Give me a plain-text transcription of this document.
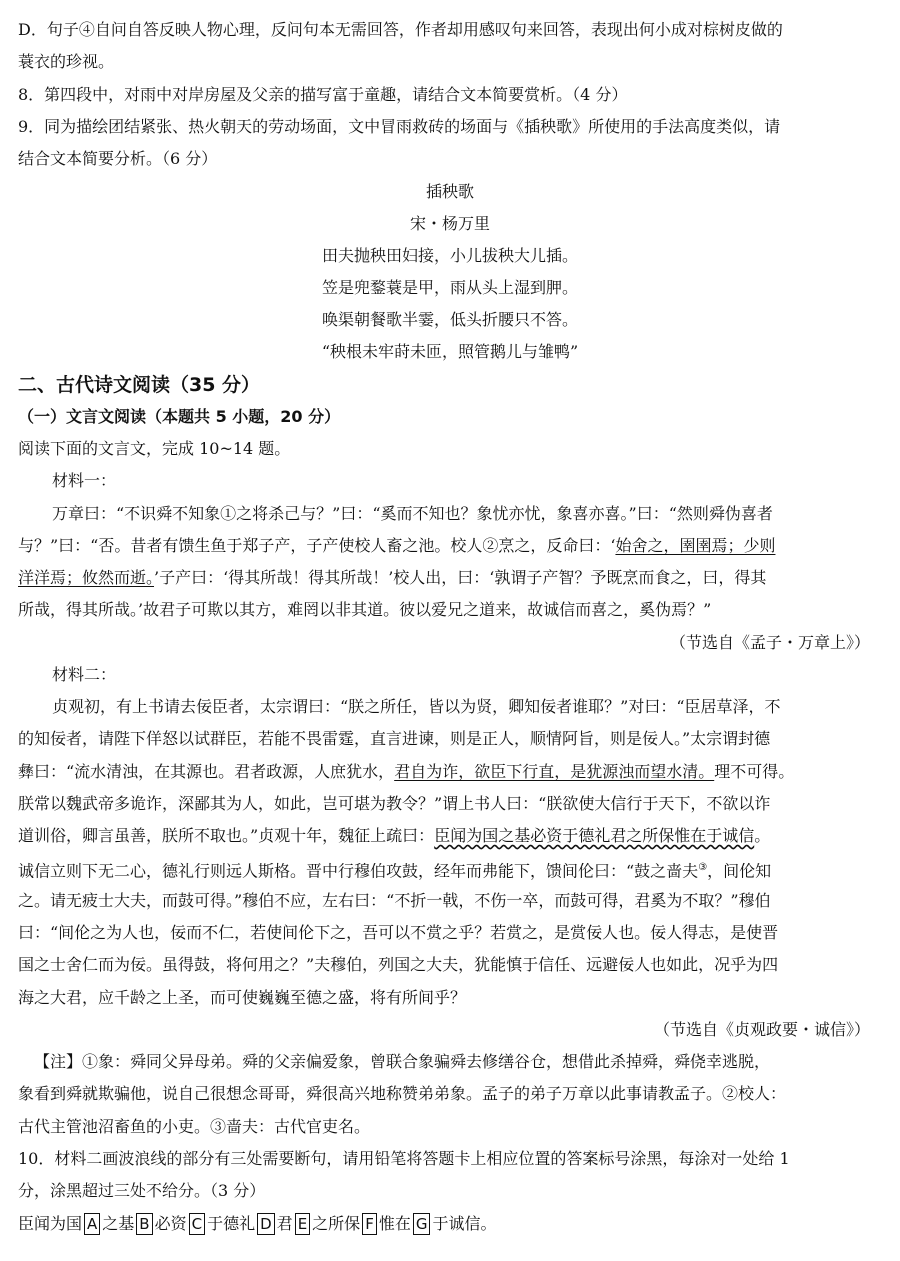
D．句子④自问自答反映人物心理，反问句本无需回答，作者却用感叹句来回答，表现出何小成对棕树皮做的
蓑衣的珍视。
8．第四段中，对雨中对岸房屋及父亲的描写富于童趣，请结合文本简要赏析。（4 分）
9．同为描绘团结紧张、热火朝天的劳动场面，文中冒雨救砖的场面与《插秧歌》所使用的手法高度类似，请
结合文本简要分析。（6 分）
插秧歌
宋・杨万里
田夫抛秧田妇接，小儿拔秧大儿插。
笠是兜鍪蓑是甲，雨从头上湿到胛。
唤渠朝餐歌半霎，低头折腰只不答。
“秧根未牢莳未匝，照管鹅儿与雏鸭”
二、古代诗文阅读（35 分）
（一）文言文阅读（本题共 5 小题，20 分）
阅读下面的文言文，完成 10~14 题。
材料一：
万章曰：“不识舜不知象①之将杀己与？”曰：“奚而不知也？象忧亦忧，象喜亦喜。”曰：“然则舜伪喜者
与？”曰：“否。昔者有馈生鱼于郑子产，子产使校人畜之池。校人②烹之，反命曰：‘始舍之，圉圉焉；少则
洋洋焉；攸然而逝。’子产曰：‘得其所哉！得其所哉！’校人出，曰：‘孰谓子产智？予既烹而食之，曰，得其
所哉，得其所哉。’故君子可欺以其方，难罔以非其道。彼以爱兄之道来，故诚信而喜之，奚伪焉？”
（节选自《孟子・万章上》）
材料二：
贞观初，有上书请去佞臣者，太宗谓曰：“朕之所任，皆以为贤，卿知佞者谁耶？”对曰：“臣居草泽，不
的知佞者，请陛下佯怒以试群臣，若能不畏雷霆，直言进谏，则是正人，顺情阿旨，则是佞人。”太宗谓封德
彝曰：“流水清浊，在其源也。君者政源，人庶犹水，君自为诈，欲臣下行直，是犹源浊而望水清。理不可得。
朕常以魏武帝多诡诈，深鄙其为人，如此，岂可堪为教令？”谓上书人曰：“朕欲使大信行于天下，不欲以诈
道训俗，卿言虽善，朕所不取也。”贞观十年，魏征上疏曰：臣闻为国之基必资于德礼君之所保惟在于诚信。
诚信立则下无二心，德礼行则远人斯格。晋中行穆伯攻鼓，经年而弗能下，馈间伦曰：“鼓之啬夫③，间伦知
之。请无疲士大夫，而鼓可得。”穆伯不应，左右曰：“不折一戟，不伤一卒，而鼓可得，君奚为不取？”穆伯
曰：“间伦之为人也，佞而不仁，若使间伦下之，吾可以不赏之乎？若赏之，是赏佞人也。佞人得志，是使晋
国之士舍仁而为佞。虽得鼓，将何用之？”夫穆伯，列国之大夫，犹能慎于信任、远避佞人也如此，况乎为四
海之大君，应千龄之上圣，而可使巍巍至德之盛，将有所间乎？
（节选自《贞观政要・诚信》）
【注】①象：舜同父异母弟。舜的父亲偏爱象，曾联合象骗舜去修缮谷仓，想借此杀掉舜，舜侥幸逃脱，
象看到舜就欺骗他，说自己很想念哥哥，舜很高兴地称赞弟弟象。孟子的弟子万章以此事请教孟子。②校人：
古代主管池沼畜鱼的小吏。③啬夫：古代官吏名。
10．材料二画波浪线的部分有三处需要断句，请用铅笔将答题卡上相应位置的答案标号涂黑，每涂对一处给 1
分，涂黑超过三处不给分。（3 分）
臣闻为国 A 之基 B 必资 C 于德礼 D 君 E 之所保 F 惟在 G 于诚信。
